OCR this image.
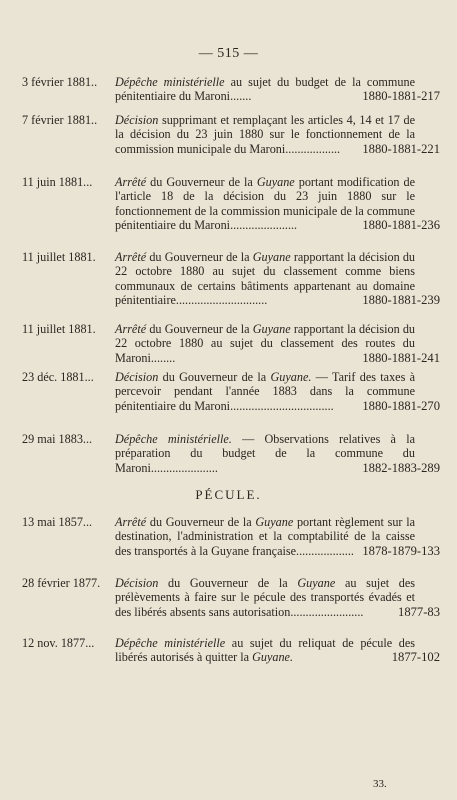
— 515 —
3 février 1881..	Dépêche ministérielle au sujet du budget de la commune pénitentiaire du Maroni.......	1880-1881-217
7 février 1881..	Décision supprimant et remplaçant les articles 4, 14 et 17 de la décision du 23 juin 1880 sur le fonctionnement de la commission municipale du Maroni..................	1880-1881-221
11 juin 1881...	Arrêté du Gouverneur de la Guyane portant modification de l'article 18 de la décision du 23 juin 1880 sur le fonctionnement de la commission municipale de la commune pénitentiaire du Maroni......................	1880-1881-236
11 juillet 1881.	Arrêté du Gouverneur de la Guyane rapportant la décision du 22 octobre 1880 au sujet du classement comme biens communaux de certains bâtiments appartenant au domaine pénitentiaire..............................	1880-1881-239
11 juillet 1881.	Arrêté du Gouverneur de la Guyane rapportant la décision du 22 octobre 1880 au sujet du classement des routes du Maroni........	1880-1881-241
23 déc. 1881...	Décision du Gouverneur de la Guyane. — Tarif des taxes à percevoir pendant l'année 1883 dans la commune pénitentiaire du Maroni..................................	1880-1881-270
29 mai 1883...	Dépêche ministérielle. — Observations relatives à la préparation du budget de la commune du Maroni......................	1882-1883-289
PÉCULE.
13 mai 1857...	Arrêté du Gouverneur de la Guyane portant règlement sur la destination, l'administration et la comptabilité de la caisse des transportés à la Guyane française................... 1878-1879-133
28 février 1877.	Décision du Gouverneur de la Guyane au sujet des prélèvements à faire sur le pécule des transportés évadés et des libérés absents sans autorisation........................	1877-83
12 nov. 1877...	Dépêche ministérielle au sujet du reliquat de pécule des libérés autorisés à quitter la Guyane.	1877-102
33.
